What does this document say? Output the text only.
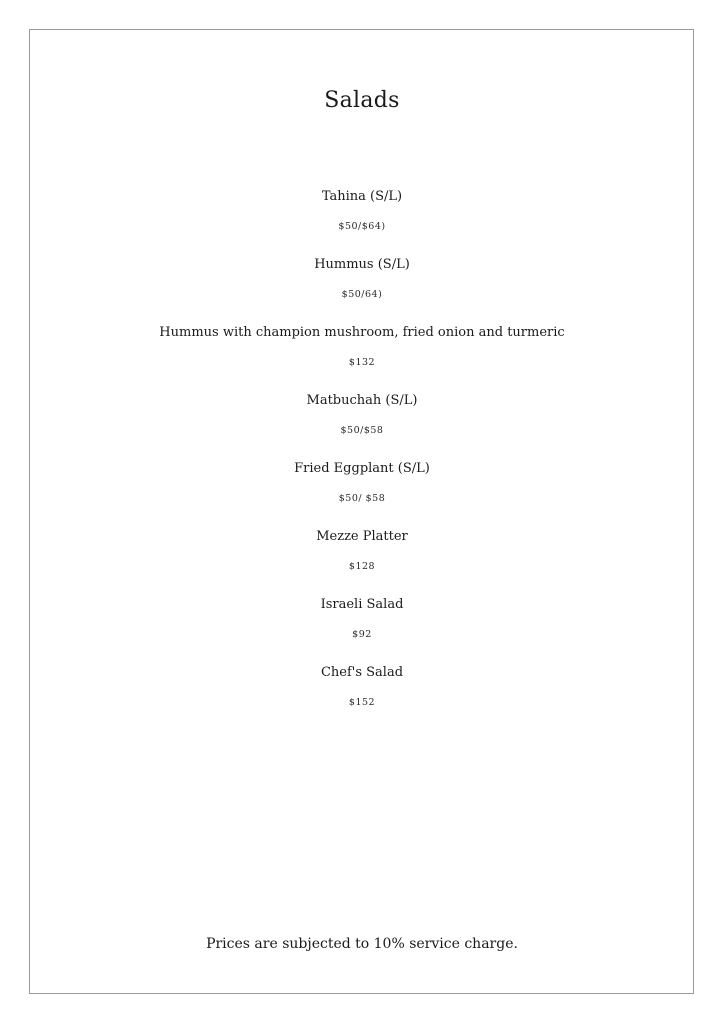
Salads
Tahina (S/L)
$50/$64)
Hummus (S/L)
$50/64)
Hummus with champion mushroom, fried onion and turmeric
$132
Matbuchah (S/L)
$50/$58
Fried Eggplant (S/L)
$50/ $58
Mezze Platter
$128
Israeli Salad
$92
Chef's Salad
$152
Prices are subjected to 10% service charge.
